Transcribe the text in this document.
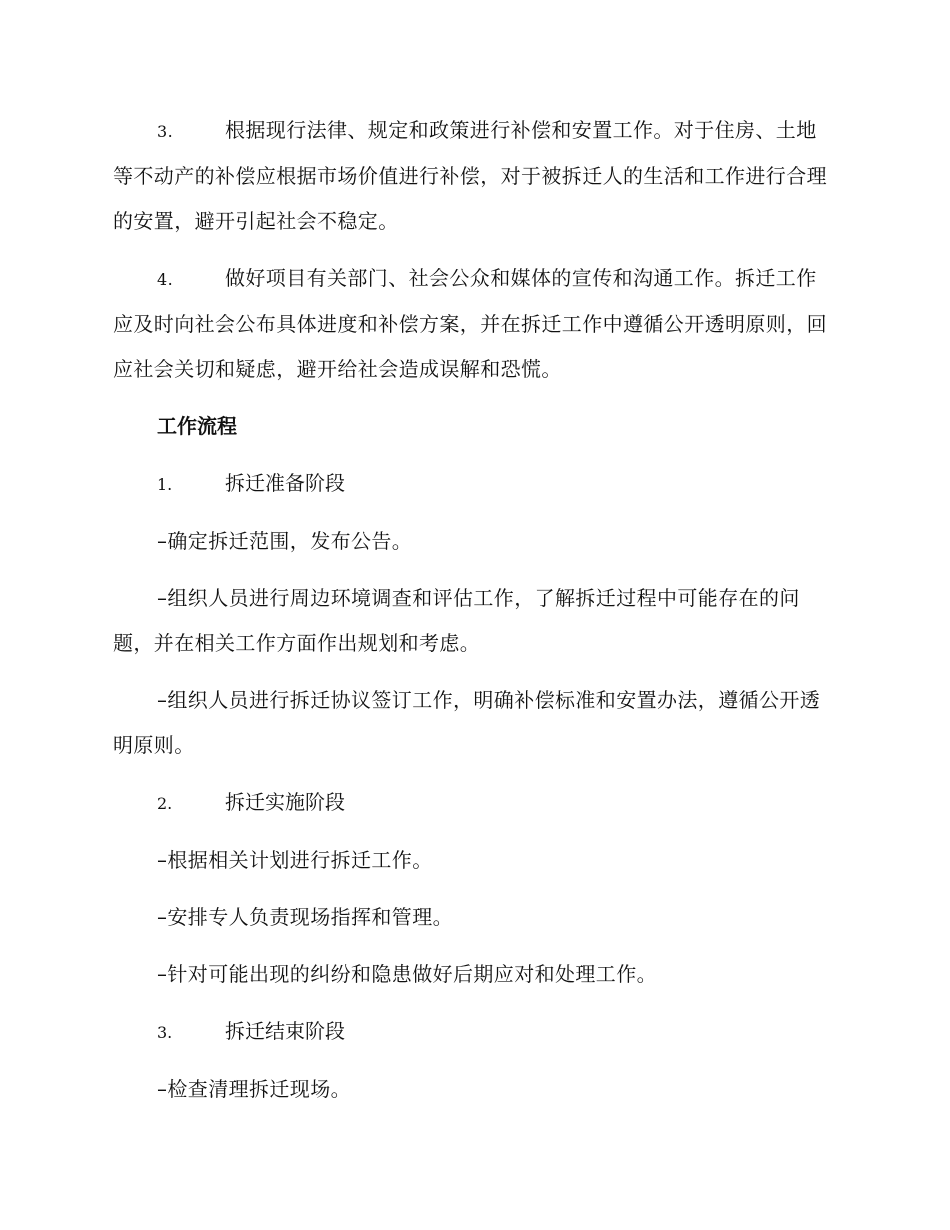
3.	根据现行法律、规定和政策进行补偿和安置工作。对于住房、土地等不动产的补偿应根据市场价值进行补偿，对于被拆迁人的生活和工作进行合理的安置，避开引起社会不稳定。

4.	做好项目有关部门、社会公众和媒体的宣传和沟通工作。拆迁工作应及时向社会公布具体进度和补偿方案，并在拆迁工作中遵循公开透明原则，回应社会关切和疑虑，避开给社会造成误解和恐慌。

工作流程

1.	拆迁准备阶段

–确定拆迁范围，发布公告。

–组织人员进行周边环境调查和评估工作，了解拆迁过程中可能存在的问题，并在相关工作方面作出规划和考虑。

–组织人员进行拆迁协议签订工作，明确补偿标准和安置办法，遵循公开透明原则。

2.	拆迁实施阶段

–根据相关计划进行拆迁工作。

–安排专人负责现场指挥和管理。

–针对可能出现的纠纷和隐患做好后期应对和处理工作。

3.	拆迁结束阶段

–检查清理拆迁现场。
